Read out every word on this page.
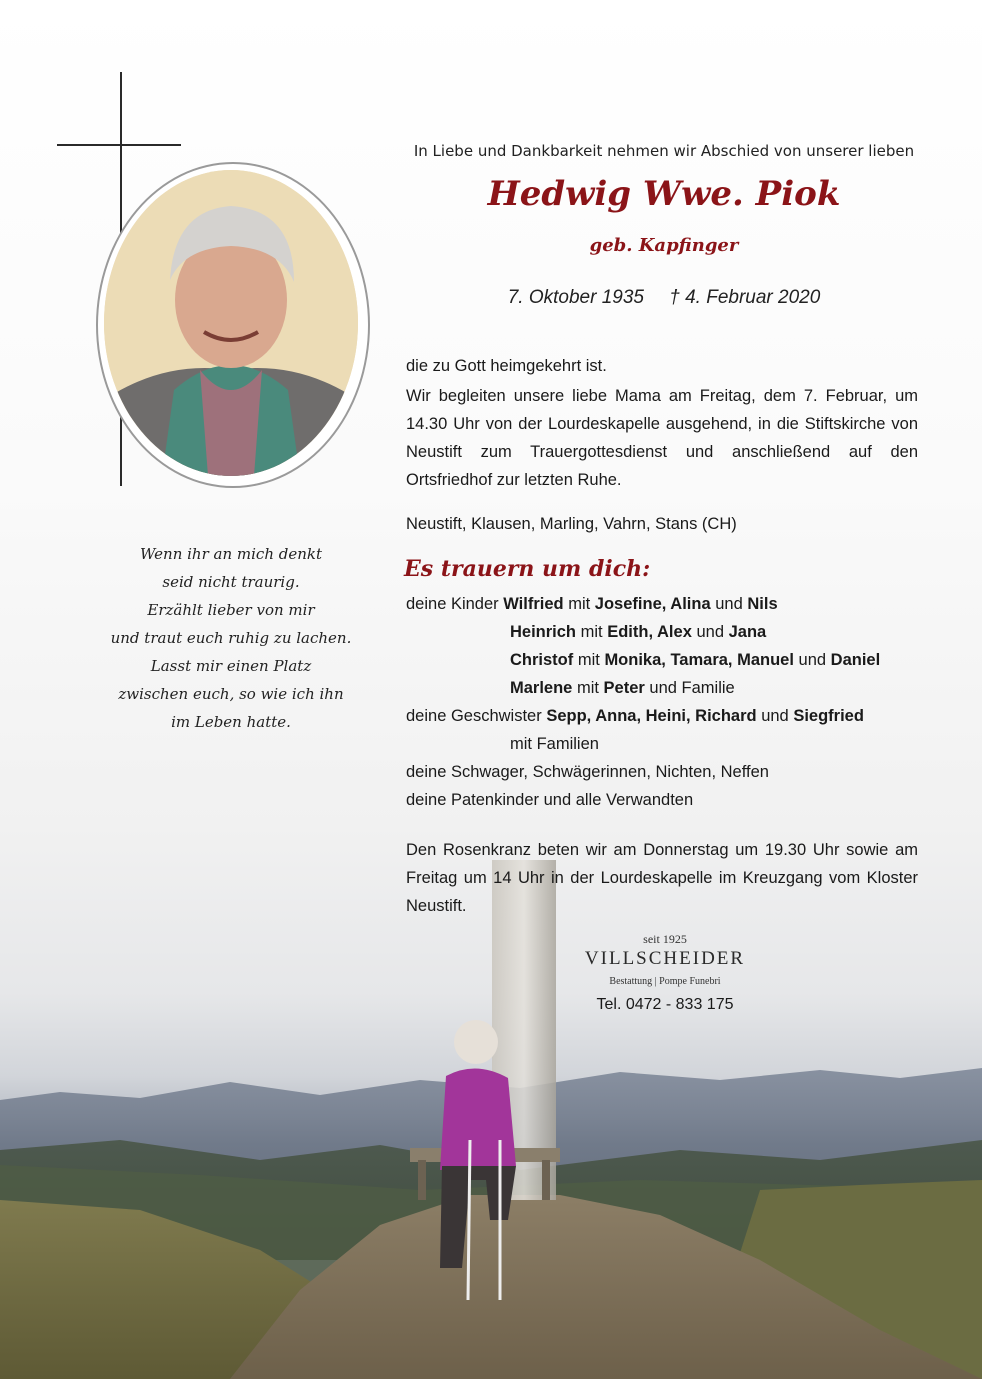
In Liebe und Dankbarkeit nehmen wir Abschied von unserer lieben
Hedwig Wwe. Piok
geb. Kapfinger
7. Oktober 1935 † 4. Februar 2020
die zu Gott heimgekehrt ist.
Wir begleiten unsere liebe Mama am Freitag, dem 7. Februar, um 14.30 Uhr von der Lourdeskapelle ausgehend, in die Stiftskirche von Neustift zum Trauergottesdienst und anschließend auf den Ortsfriedhof zur letzten Ruhe.
Neustift, Klausen, Marling, Vahrn, Stans (CH)
Es trauern um dich:
deine Kinder Wilfried mit Josefine, Alina und Nils
Heinrich mit Edith, Alex und Jana
Christof mit Monika, Tamara, Manuel und Daniel
Marlene mit Peter und Familie
deine Geschwister Sepp, Anna, Heini, Richard und Siegfried
mit Familien
deine Schwager, Schwägerinnen, Nichten, Neffen
deine Patenkinder und alle Verwandten
Den Rosenkranz beten wir am Donnerstag um 19.30 Uhr sowie am Freitag um 14 Uhr in der Lourdeskapelle im Kreuzgang vom Kloster Neustift.
Wenn ihr an mich denkt
seid nicht traurig.
Erzählt lieber von mir
und traut euch ruhig zu lachen.
Lasst mir einen Platz
zwischen euch, so wie ich ihn
im Leben hatte.
seit 1925
VILLSCHEIDER
Bestattung | Pompe Funebri
Tel. 0472 - 833 175
